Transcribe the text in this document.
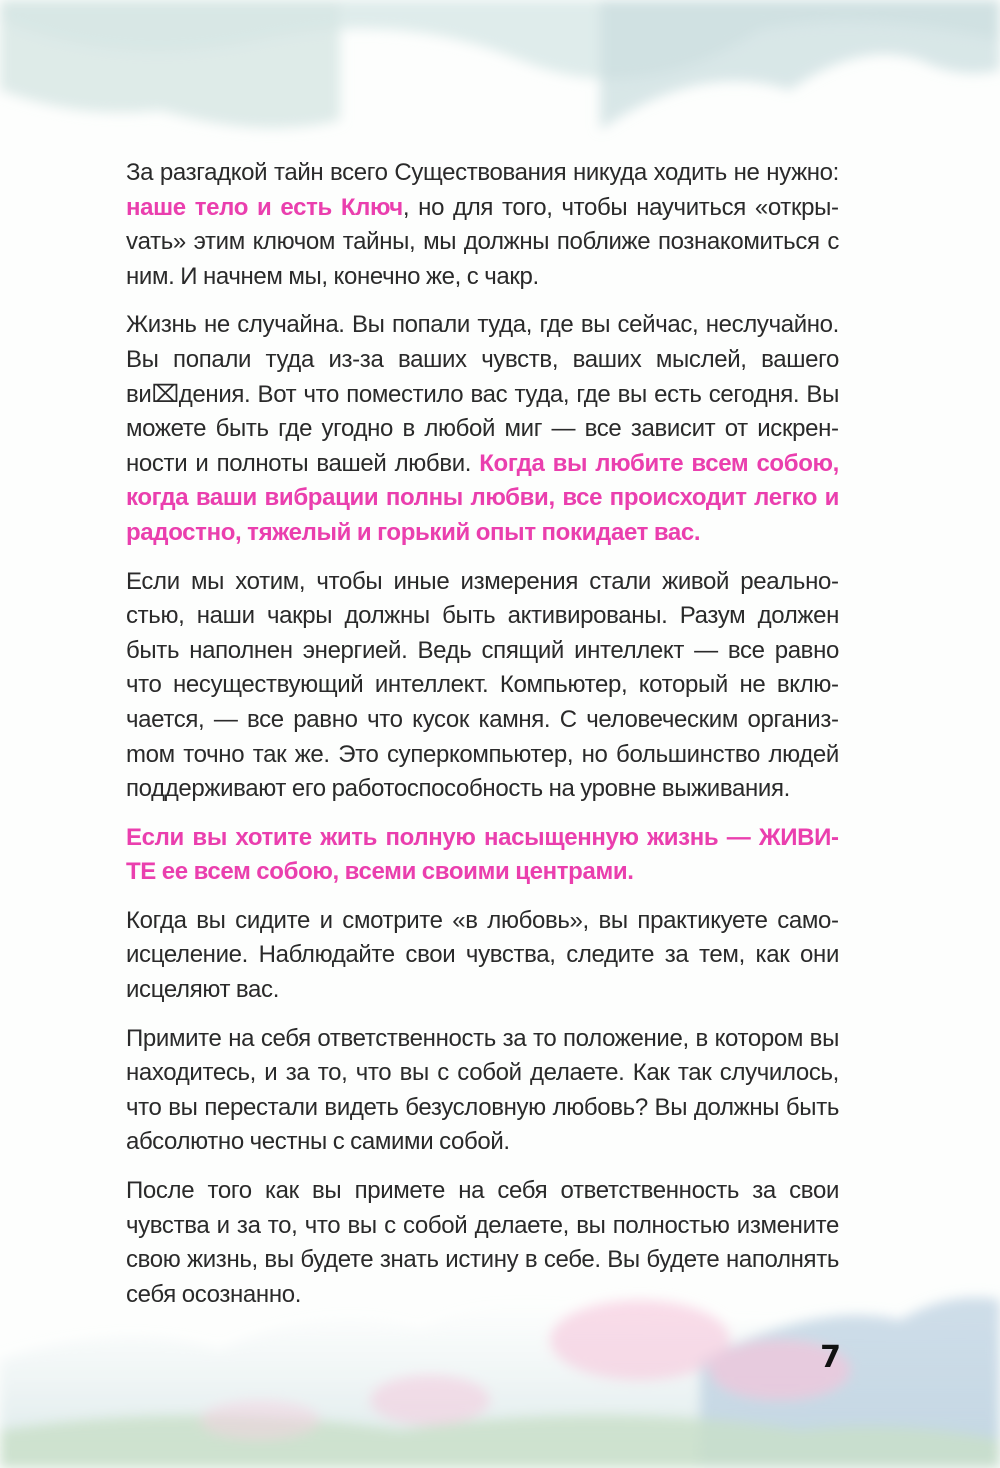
За разгадкой тайн всего Существования никуда ходить не нужно: наше тело и есть Ключ, но для того, чтобы научиться «открыvать» этим ключом тайны, мы должны поближе познакомиться с ним. И начнем мы, конечно же, с чакр.

Жизнь не случайна. Вы попали туда, где вы сейчас, неслучайно. Вы попали туда из-за ваших чувств, ваших мыслей, вашего ви⌧дения. Вот что поместило вас туда, где вы есть сегодня. Вы можете быть где угодно в любой миг — все зависит от искренности и полноты вашей любви. Когда вы любите всем собою, когда ваши вибрации полны любви, все происходит легко и радостно, тяжелый и горький опыт покидает вас.

Если мы хотим, чтобы иные измерения стали живой реальностью, наши чакры должны быть активированы. Разум должен быть наполнен энергией. Ведь спящий интеллект — все равно что несуществующий интеллект. Компьютер, который не включается, — все равно что кусок камня. С человеческим организmом точно так же. Это суперкомпьютер, но большинство людей поддерживают его работоспособность на уровне выживания.

Если вы хотите жить полную насыщенную жизнь — ЖИВИТЕ ее всем собою, всеми своими центрами.

Когда вы сидите и смотрите «в любовь», вы практикуете самоисцеление. Наблюдайте свои чувства, следите за тем, как они исцеляют вас.

Примите на себя ответственность за то положение, в котором вы находитесь, и за то, что вы с собой делаете. Как так случилось, что вы перестали видеть безусловную любовь? Вы должны быть абсолютно честны с самими собой.

После того как вы примете на себя ответственность за свои чувства и за то, что вы с собой делаете, вы полностью измените свою жизнь, вы будете знать истину в себе. Вы будете наполнять себя осознанно.

7
